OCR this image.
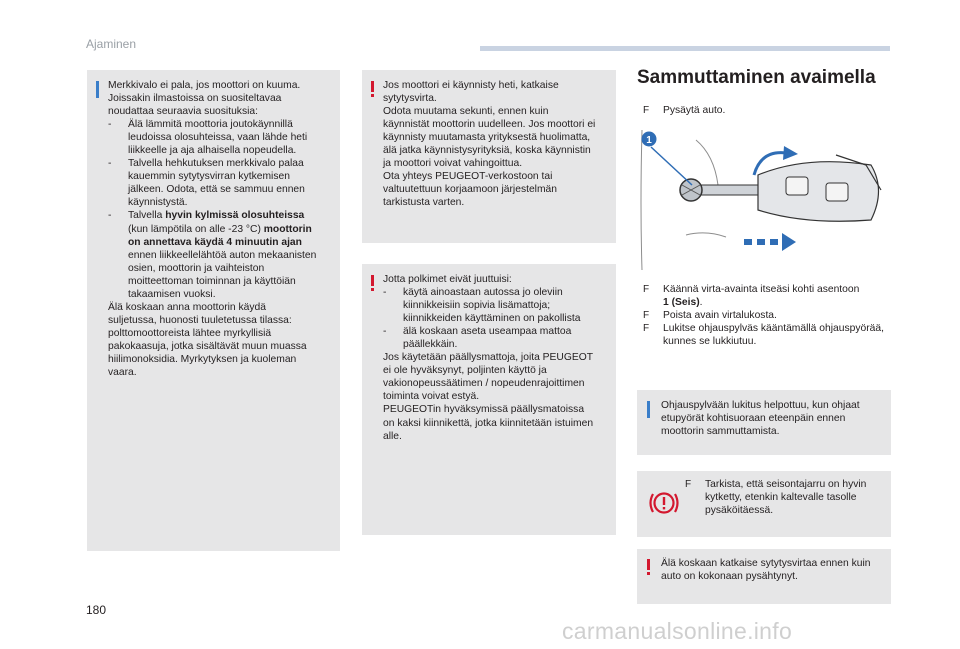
Ajaminen

Merkkivalo ei pala, jos moottori on kuuma.

Joissakin ilmastoissa on suositeltavaa

noudattaa seuraavia suosituksia:

- Älä lämmitä moottoria joutokäynnillä

leudoissa olosuhteissa, vaan lähde heti

liikkeelle ja aja alhaisella nopeudella.

- Talvella hehkutuksen merkkivalo palaa

kauemmin sytytysvirran kytkemisen

jälkeen. Odota, että se sammuu ennen

käynnistystä.

- Talvella hyvin kylmissä olosuhteissa

(kun lämpötila on alle -23 °C) moottorin

on annettava käydä 4 minuutin ajan

ennen liikkeellelähtöä auton mekaanisten

osien, moottorin ja vaihteiston

moitteettoman toiminnan ja käyttöiän

takaamisen vuoksi.

Älä koskaan anna moottorin käydä

suljetussa, huonosti tuuletetussa tilassa:

polttomoottoreista lähtee myrkyllisiä

pakokaasuja, jotka sisältävät muun muassa

hiilimonoksidia. Myrkytyksen ja kuoleman

vaara.

Jos moottori ei käynnisty heti, katkaise

sytytysvirta.

Odota muutama sekunti, ennen kuin

käynnistät moottorin uudelleen. Jos moottori ei

käynnisty muutamasta yrityksestä huolimatta,

älä jatka käynnistysyrityksiä, koska käynnistin

ja moottori voivat vahingoittua.

Ota yhteys PEUGEOT-verkostoon tai

valtuutettuun korjaamoon järjestelmän

tarkistusta varten.

Jotta polkimet eivät juuttuisi:

- käytä ainoastaan autossa jo oleviin

kiinnikkeisiin sopivia lisämattoja;

kiinnikkeiden käyttäminen on pakollista

- älä koskaan aseta useampaa mattoa

päällekkäin.

Jos käytetään päällysmattoja, joita PEUGEOT

ei ole hyväksynyt, poljinten käyttö ja

vakionopeussäätimen / nopeudenrajoittimen

toiminta voivat estyä.

PEUGEOTin hyväksymissä päällysmatoissa

on kaksi kiinnikettä, jotka kiinnitetään istuimen

alle.

Sammuttaminen avaimella
F	Pysäytä auto.
1
F	Käännä virta-avainta itseäsi kohti asentoon
1 (Seis).
F	Poista avain virtalukosta.
F	Lukitse ohjauspylväs kääntämällä ohjauspyörää,
kunnes se lukkiutuu.

Ohjauspylvään lukitus helpottuu, kun ohjaat

etupyörät kohtisuoraan eteenpäin ennen

moottorin sammuttamista.

F Tarkista, että seisontajarru on hyvin
kytketty, etenkin kaltevalle tasolle
pysäköitäessä.

Älä koskaan katkaise sytytysvirtaa ennen kuin

auto on kokonaan pysähtynyt.

180
carmanualsonline.info
